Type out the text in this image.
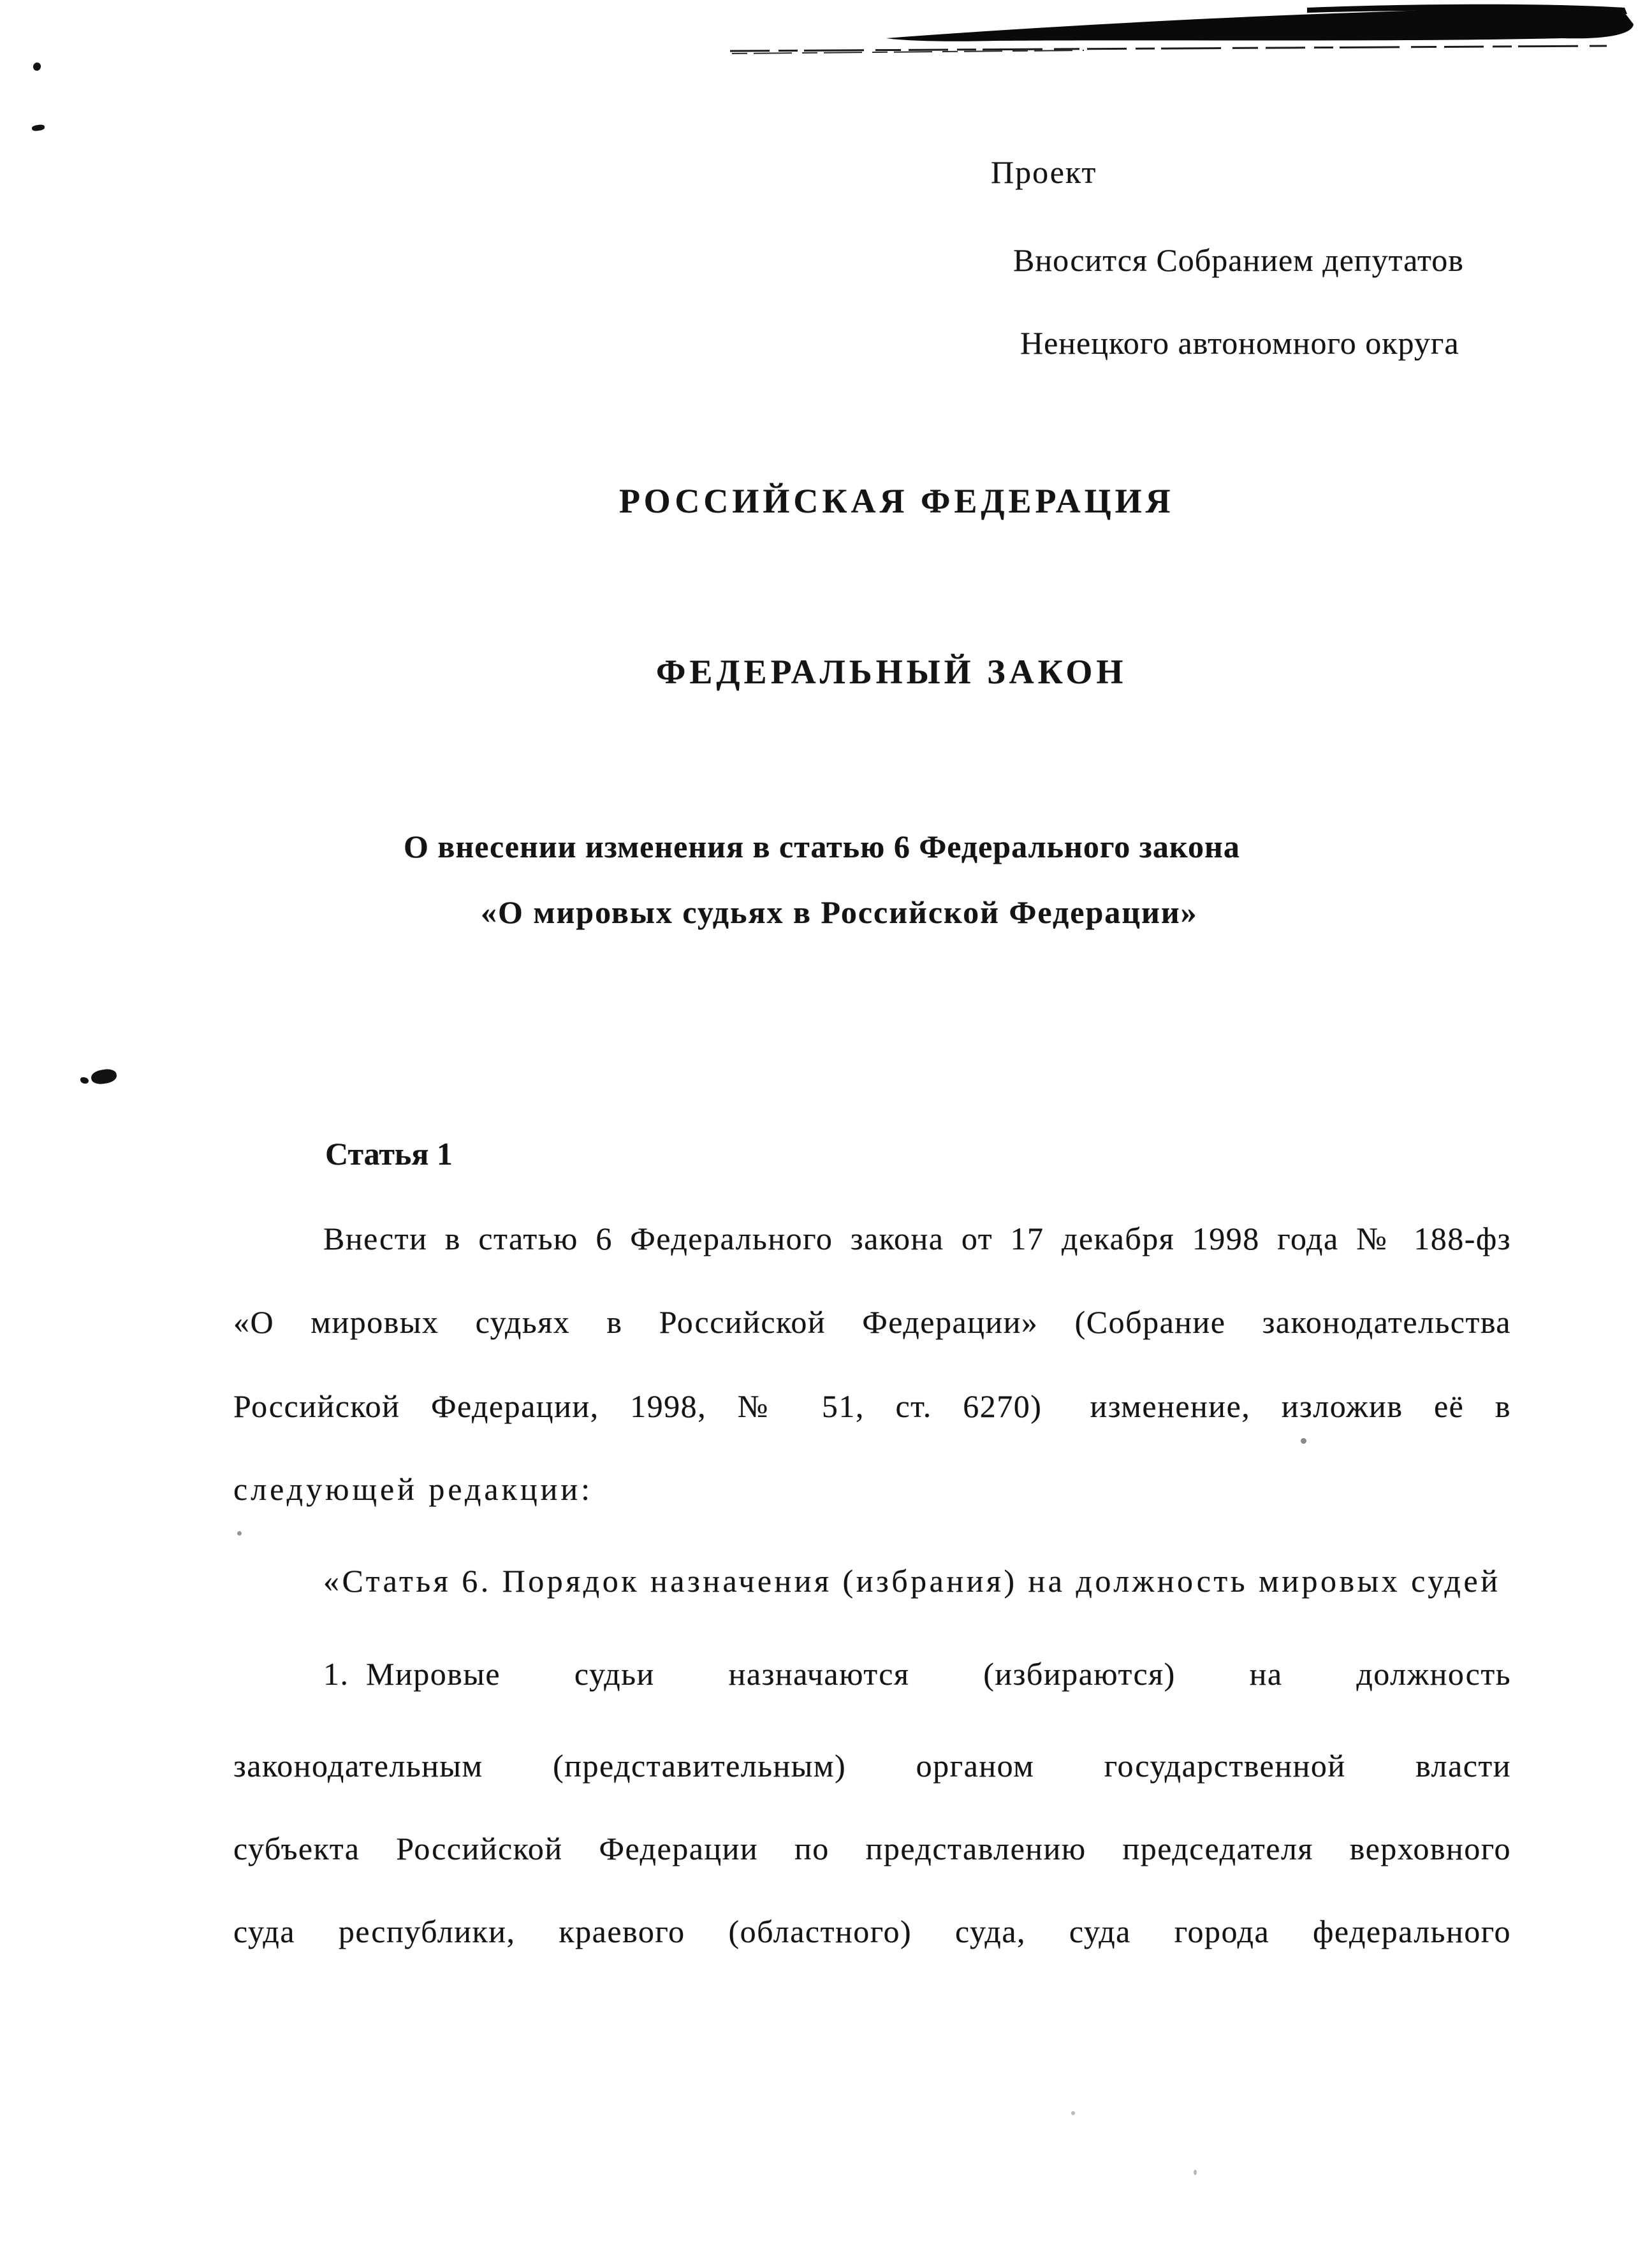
Проект
Вносится Собранием депутатов
Ненецкого автономного округа
РОССИЙСКАЯ ФЕДЕРАЦИЯ
ФЕДЕРАЛЬНЫЙ ЗАКОН
О внесении изменения в статью 6 Федерального закона
«О мировых судьях в Российской Федерации»
Статья 1
Внести в статью 6 Федерального закона от 17 декабря 1998 года № 188-фз
«О мировых судьях в Российской Федерации» (Собрание законодательства
Российской Федерации, 1998, № 51, ст. 6270)  изменение, изложив её в
следующей редакции:
«Статья 6. Порядок назначения (избрания) на должность мировых судей
1. Мировые судьи назначаются (избираются) на должность
законодательным (представительным) органом государственной власти
субъекта Российской Федерации по представлению председателя верховного
суда республики, краевого (областного) суда, суда города федерального
